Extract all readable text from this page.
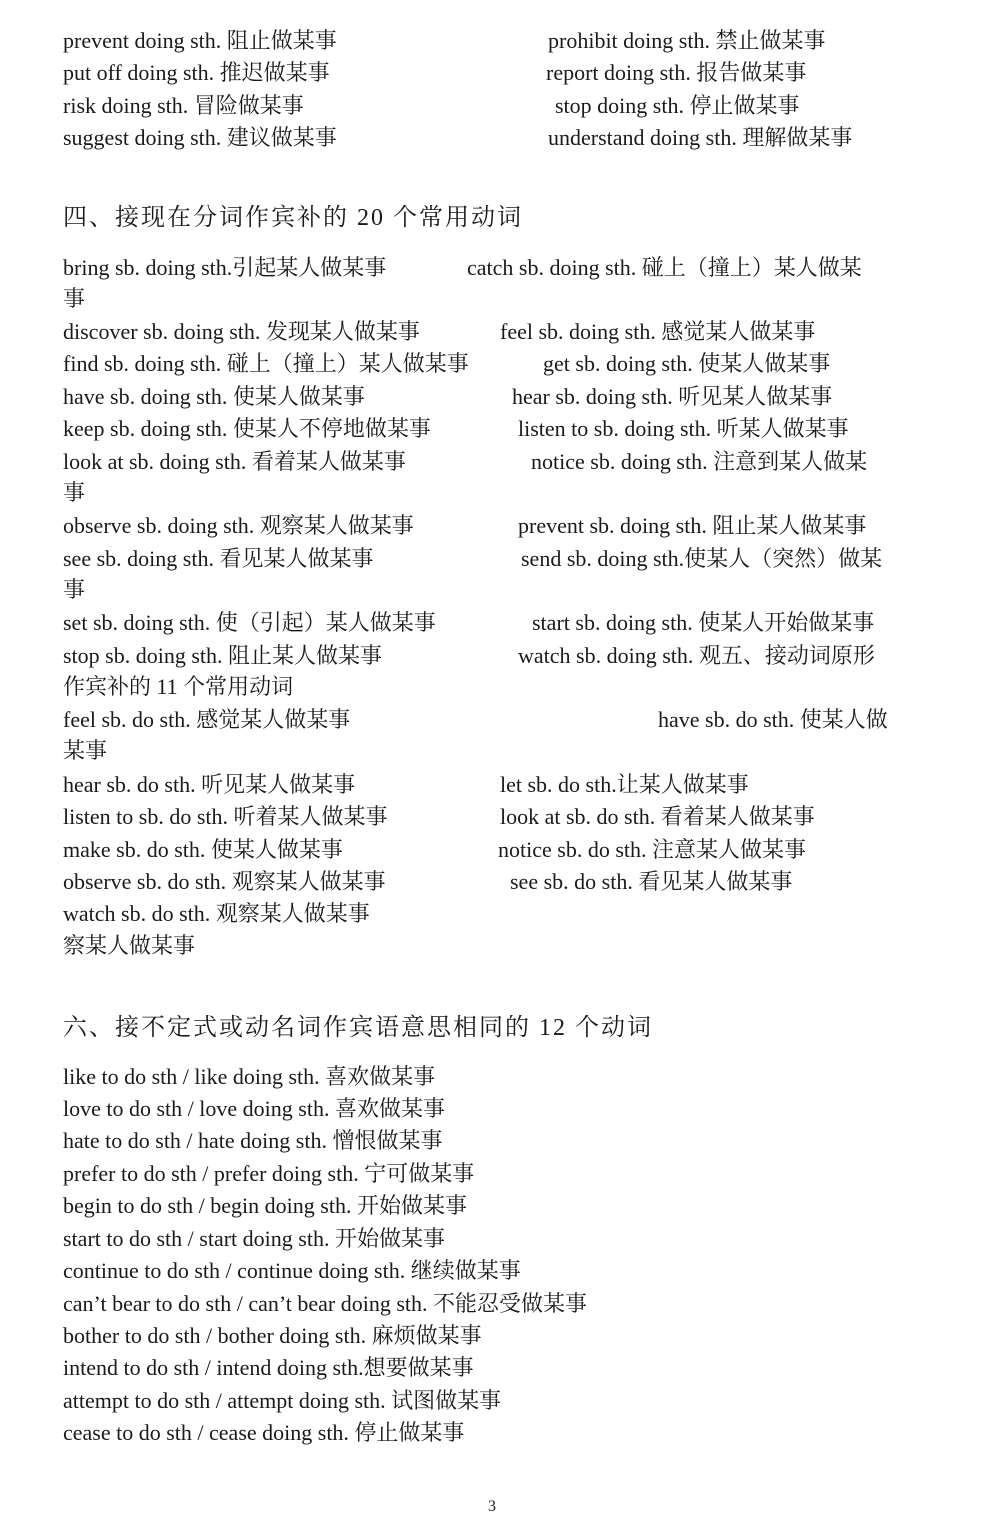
prevent doing sth. 阻止做某事	prohibit doing sth. 禁止做某事
put off doing sth. 推迟做某事	report doing sth. 报告做某事
risk doing sth. 冒险做某事	stop doing sth. 停止做某事
suggest doing sth. 建议做某事	understand doing sth. 理解做某事
四、接现在分词作宾补的 20 个常用动词
bring sb. doing sth.引起某人做某事	catch sb. doing sth. 碰上（撞上）某人做某
事
discover sb. doing sth. 发现某人做某事	feel sb. doing sth. 感觉某人做某事
find sb. doing sth. 碰上（撞上）某人做某事	get sb. doing sth. 使某人做某事
have sb. doing sth. 使某人做某事	hear sb. doing sth. 听见某人做某事
keep sb. doing sth. 使某人不停地做某事	listen to sb. doing sth. 听某人做某事
look at sb. doing sth. 看着某人做某事	notice sb. doing sth. 注意到某人做某
事
observe sb. doing sth. 观察某人做某事	prevent sb. doing sth. 阻止某人做某事
see sb. doing sth. 看见某人做某事	send sb. doing sth.使某人（突然）做某
事
set sb. doing sth. 使（引起）某人做某事	start sb. doing sth. 使某人开始做某事
stop sb. doing sth. 阻止某人做某事	watch sb. doing sth. 观五、接动词原形
作宾补的 11 个常用动词
feel sb. do sth. 感觉某人做某事	have sb. do sth. 使某人做
某事
hear sb. do sth. 听见某人做某事	let sb. do sth.让某人做某事
listen to sb. do sth. 听着某人做某事	look at sb. do sth. 看着某人做某事
make sb. do sth. 使某人做某事	notice sb. do sth. 注意某人做某事
observe sb. do sth. 观察某人做某事	see sb. do sth. 看见某人做某事
watch sb. do sth. 观察某人做某事
察某人做某事
六、接不定式或动名词作宾语意思相同的 12 个动词
like to do sth / like doing sth. 喜欢做某事
love to do sth / love doing sth. 喜欢做某事
hate to do sth / hate doing sth. 憎恨做某事
prefer to do sth / prefer doing sth. 宁可做某事
begin to do sth / begin doing sth. 开始做某事
start to do sth / start doing sth. 开始做某事
continue to do sth / continue doing sth. 继续做某事
can’t bear to do sth / can’t bear doing sth. 不能忍受做某事
bother to do sth / bother doing sth. 麻烦做某事
intend to do sth / intend doing sth.想要做某事
attempt to do sth / attempt doing sth. 试图做某事
cease to do sth / cease doing sth. 停止做某事
3
